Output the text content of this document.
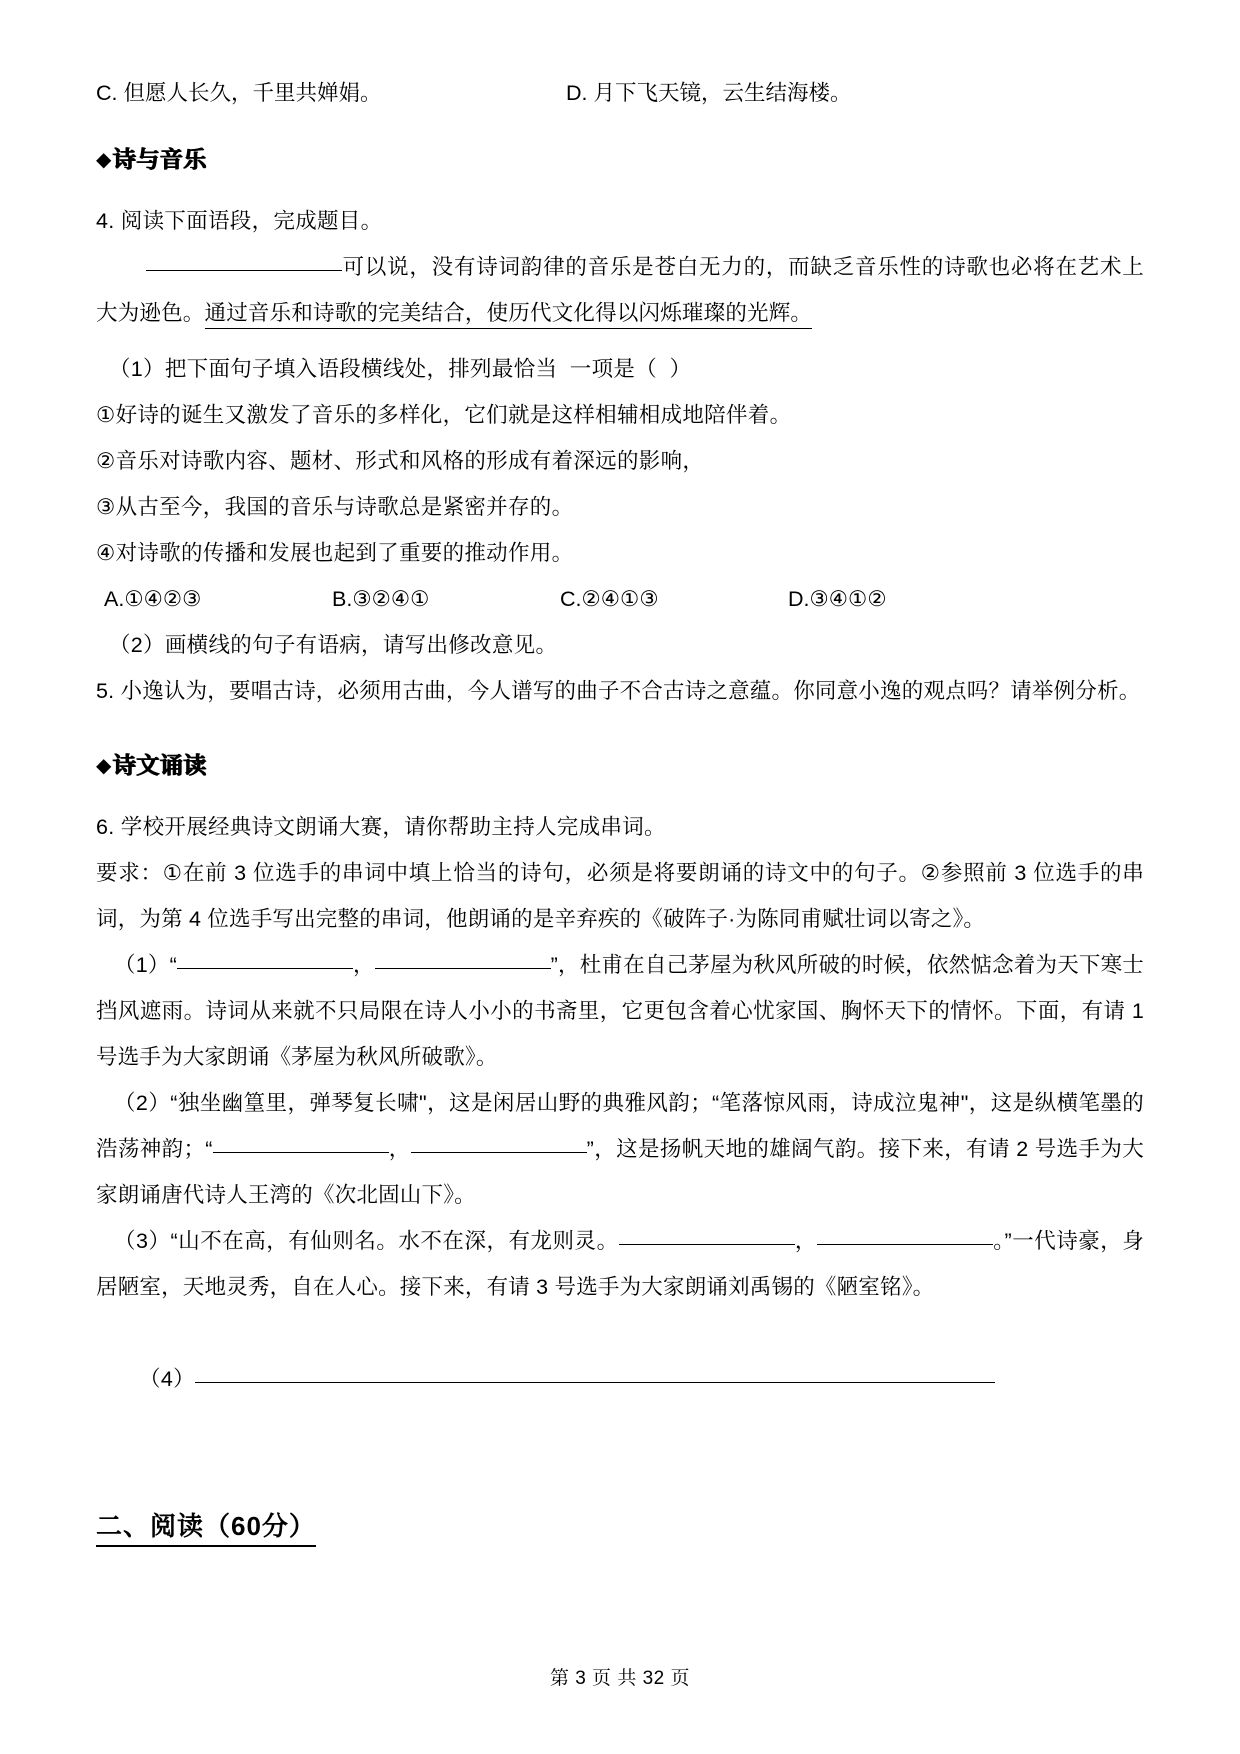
C. 但愿人长久，千里共婵娟。	D. 月下飞天镜，云生结海楼。
◆诗与音乐
4. 阅读下面语段，完成题目。
可以说，没有诗词韵律的音乐是苍白无力的，而缺乏音乐性的诗歌也必将在艺术上大为逊色。通过音乐和诗歌的完美结合，使历代文化得以闪烁璀璨的光辉。
（1）把下面句子填入语段横线处，排列最恰当  一项是（  ）
①好诗的诞生又激发了音乐的多样化，它们就是这样相辅相成地陪伴着。
②音乐对诗歌内容、题材、形式和风格的形成有着深远的影响，
③从古至今，我国的音乐与诗歌总是紧密并存的。
④对诗歌的传播和发展也起到了重要的推动作用。
A.①④②③	B.③②④①	C.②④①③	D.③④①②
（2）画横线的句子有语病，请写出修改意见。
5. 小逸认为，要唱古诗，必须用古曲，今人谱写的曲子不合古诗之意蕴。你同意小逸的观点吗？请举例分析。
◆诗文诵读
6. 学校开展经典诗文朗诵大赛，请你帮助主持人完成串词。
要求：①在前 3 位选手的串词中填上恰当的诗句，必须是将要朗诵的诗文中的句子。②参照前 3 位选手的串词，为第 4 位选手写出完整的串词，他朗诵的是辛弃疾的《破阵子·为陈同甫赋壮词以寄之》。
（1）“	，	”，杜甫在自己茅屋为秋风所破的时候，依然惦念着为天下寒士挡风遮雨。诗词从来就不只局限在诗人小小的书斋里，它更包含着心忧家国、胸怀天下的情怀。下面，有请 1 号选手为大家朗诵《茅屋为秋风所破歌》。
（2）“独坐幽篁里，弹琴复长啸"，这是闲居山野的典雅风韵；“笔落惊风雨，诗成泣鬼神"，这是纵横笔墨的浩荡神韵；“	，	”，这是扬帆天地的雄阔气韵。接下来，有请 2 号选手为大家朗诵唐代诗人王湾的《次北固山下》。
（3）“山不在高，有仙则名。水不在深，有龙则灵。	，	。”一代诗豪，身居陋室，天地灵秀，自在人心。接下来，有请 3 号选手为大家朗诵刘禹锡的《陋室铭》。

（4）

二、阅读（60分）
第 3 页 共 32 页
